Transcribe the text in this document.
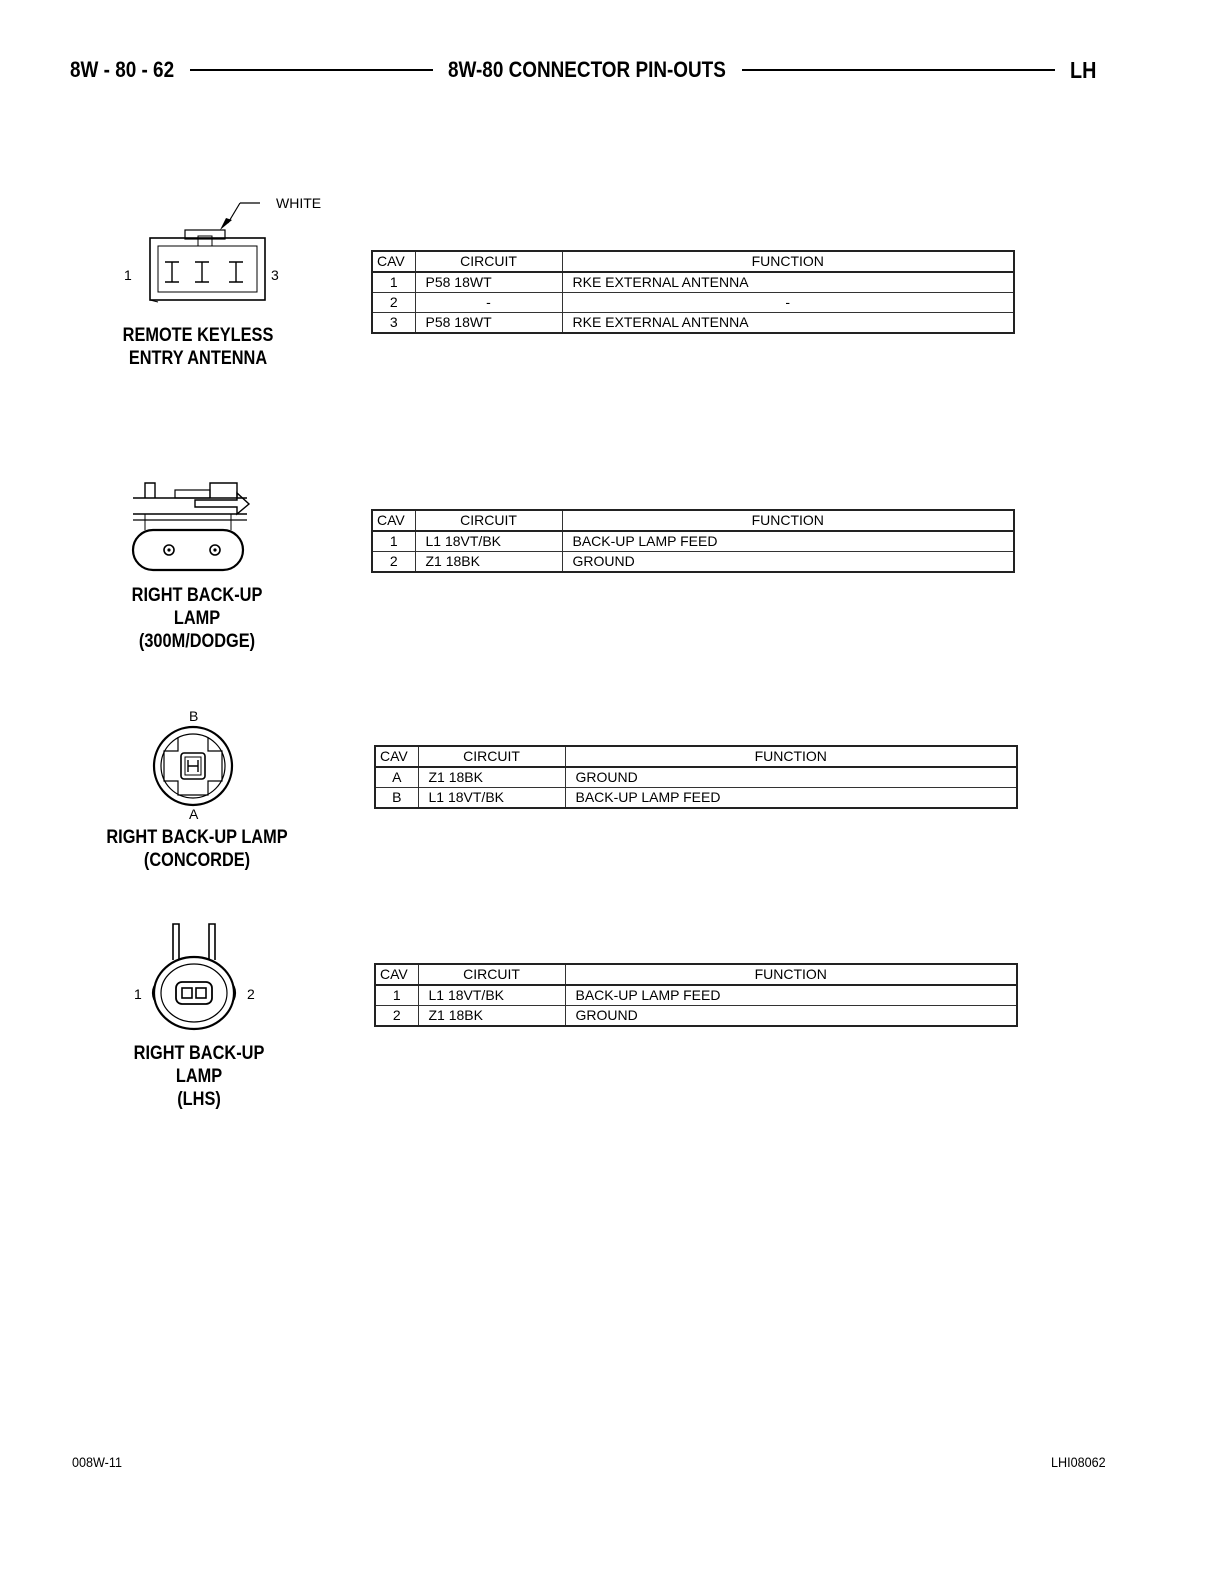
8W - 80 - 62	8W-80 CONNECTOR PIN-OUTS	LH
WHITE
1	3
REMOTE KEYLESS
ENTRY ANTENNA
CAV	CIRCUIT	FUNCTION
1	P58 18WT	RKE EXTERNAL ANTENNA
2	-	-
3	P58 18WT	RKE EXTERNAL ANTENNA
RIGHT BACK-UP
LAMP
(300M/DODGE)
CAV	CIRCUIT	FUNCTION
1	L1 18VT/BK	BACK-UP LAMP FEED
2	Z1 18BK	GROUND
B
A
RIGHT BACK-UP LAMP
(CONCORDE)
CAV	CIRCUIT	FUNCTION
A	Z1 18BK	GROUND
B	L1 18VT/BK	BACK-UP LAMP FEED
1	2
RIGHT BACK-UP
LAMP
(LHS)
CAV	CIRCUIT	FUNCTION
1	L1 18VT/BK	BACK-UP LAMP FEED
2	Z1 18BK	GROUND
008W-11	LHI08062
